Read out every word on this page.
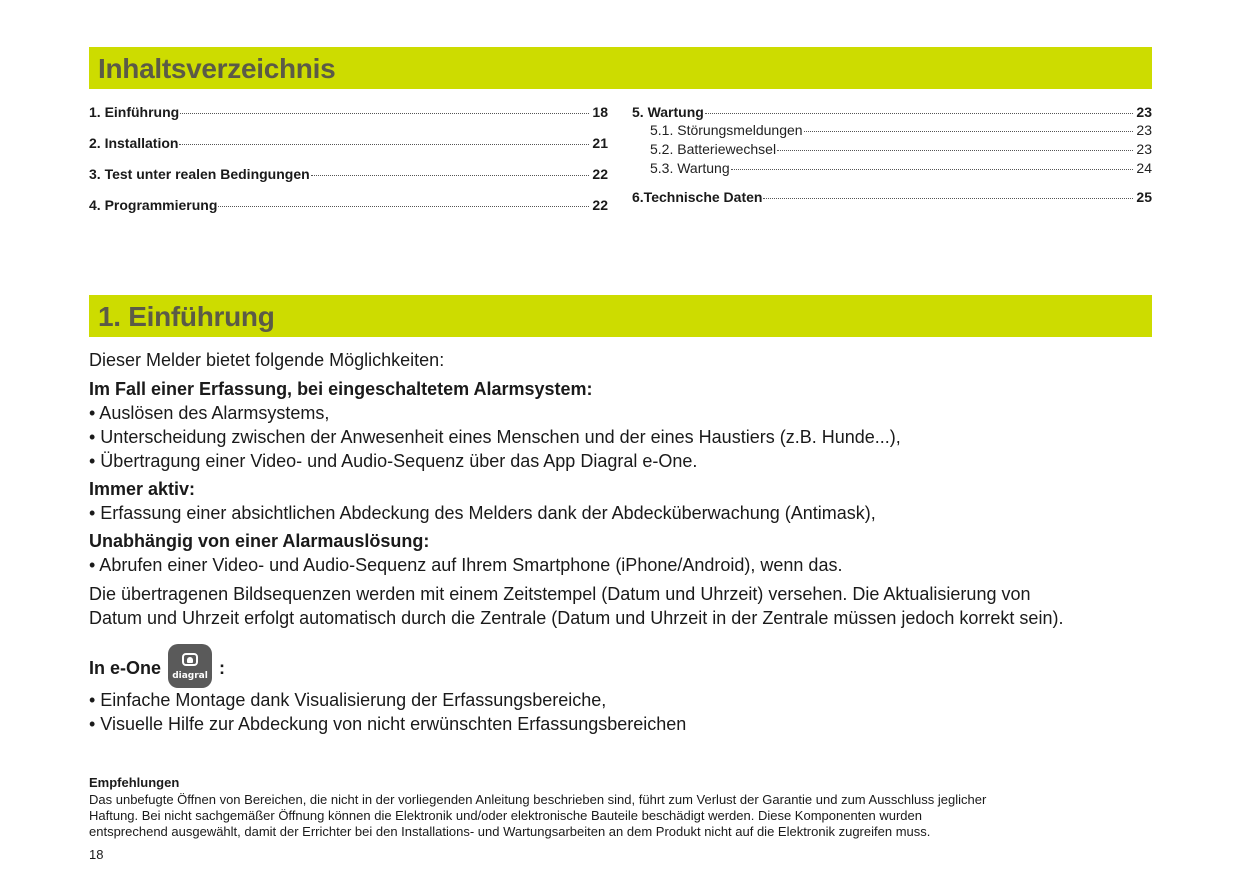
Inhaltsverzeichnis
1. Einführung	18
2. Installation	21
3. Test unter realen Bedingungen	22
4. Programmierung	22
5. Wartung	23
5.1. Störungsmeldungen	23
5.2. Batteriewechsel	23
5.3. Wartung	24
6.Technische Daten	25
1. Einführung
Dieser Melder bietet folgende Möglichkeiten:
Im Fall einer Erfassung, bei eingeschaltetem Alarmsystem:
• Auslösen des Alarmsystems,
• Unterscheidung zwischen der Anwesenheit eines Menschen und der eines Haustiers (z.B. Hunde...),
• Übertragung einer Video- und Audio-Sequenz über das App Diagral e-One.
Immer aktiv:
• Erfassung einer absichtlichen Abdeckung des Melders dank der Abdecküberwachung (Antimask),
Unabhängig von einer Alarmauslösung:
• Abrufen einer Video- und Audio-Sequenz auf Ihrem Smartphone (iPhone/Android), wenn das.
Die übertragenen Bildsequenzen werden mit einem Zeitstempel (Datum und Uhrzeit) versehen. Die Aktualisierung von
Datum und Uhrzeit erfolgt automatisch durch die Zentrale (Datum und Uhrzeit in der Zentrale müssen jedoch korrekt sein).
In e-One	diagral :
• Einfache Montage dank Visualisierung der Erfassungsbereiche,
• Visuelle Hilfe zur Abdeckung von nicht erwünschten Erfassungsbereichen
Empfehlungen
Das unbefugte Öffnen von Bereichen, die nicht in der vorliegenden Anleitung beschrieben sind, führt zum Verlust der Garantie und zum Ausschluss jeglicher
Haftung. Bei nicht sachgemäßer Öffnung können die Elektronik und/oder elektronische Bauteile beschädigt werden. Diese Komponenten wurden
entsprechend ausgewählt, damit der Errichter bei den Installations- und Wartungsarbeiten an dem Produkt nicht auf die Elektronik zugreifen muss.
18
